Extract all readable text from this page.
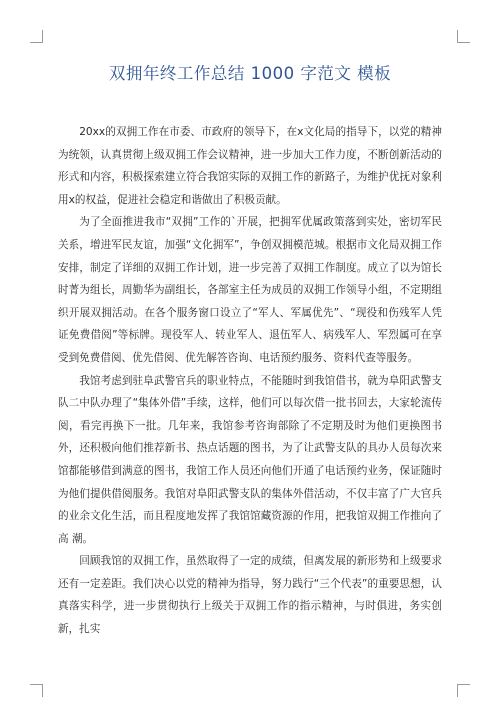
双拥年终工作总结 1000 字范文 模板

20xx的双拥工作在市委、市政府的领导下，在x文化局的指导下，以党的精神为统领，认真贯彻上级双拥工作会议精神，进一步加大工作力度，不断创新活动的形式和内容，积极探索建立符合我馆实际的双拥工作的新路子，为维护优抚对象利用x的权益，促进社会稳定和谐做出了积极贡献。

为了全面推进我市“双拥”工作的`开展，把拥军优属政策落到实处，密切军民关系，增进军民友谊，加强“文化拥军”，争创双拥模范城。根据市文化局双拥工作安排，制定了详细的双拥工作计划，进一步完善了双拥工作制度。成立了以为馆长时菁为组长，周勤华为副组长，各部室主任为成员的双拥工作领导小组，不定期组织开展双拥活动。在各个服务窗口设立了“军人、军属优先”、“现役和伤残军人凭证免费借阅”等标牌。现役军人、转业军人、退伍军人、病残军人、军烈属可在享受到免费借阅、优先借阅、优先解答咨询、电话预约服务、资料代查等服务。

我馆考虑到驻阜武警官兵的职业特点，不能随时到我馆借书，就为阜阳武警支队二中队办理了“集体外借”手续，这样，他们可以每次借一批书回去，大家轮流传阅，看完再换下一批。几年来，我馆参考咨询部除了不定期及时为他们更换图书外，还积极向他们推荐新书、热点话题的图书，为了让武警支队的具办人员每次来馆都能够借到满意的图书，我馆工作人员还向他们开通了电话预约业务，保证随时为他们提供借阅服务。我馆对阜阳武警支队的集体外借活动，不仅丰富了广大官兵的业余文化生活，而且程度地发挥了我馆馆藏资源的作用，把我馆双拥工作推向了高 潮。

回顾我馆的双拥工作，虽然取得了一定的成绩，但离发展的新形势和上级要求还有一定差距。我们决心以党的精神为指导，努力践行“三个代表”的重要思想，认真落实科学，进一步贯彻执行上级关于双拥工作的指示精神，与时俱进，务实创新，扎实
